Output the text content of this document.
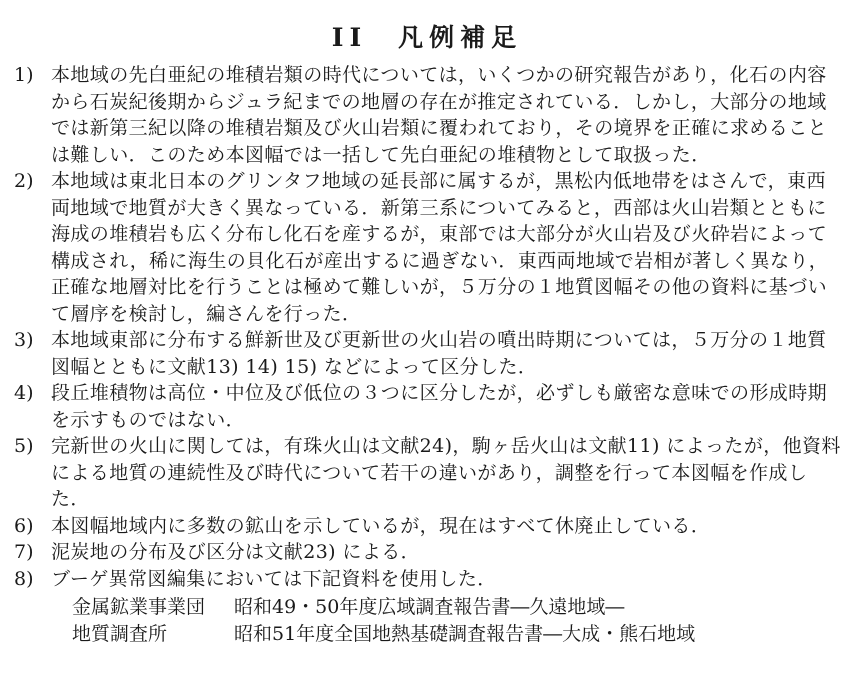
II　凡例補足
1) 本地域の先白亜紀の堆積岩類の時代については，いくつかの研究報告があり，化石の内容から石炭紀後期からジュラ紀までの地層の存在が推定されている．しかし，大部分の地域では新第三紀以降の堆積岩類及び火山岩類に覆われており，その境界を正確に求めることは難しい．このため本図幅では一括して先白亜紀の堆積物として取扱った．
2) 本地域は東北日本のグリンタフ地域の延長部に属するが，黒松内低地帯をはさんで，東西両地域で地質が大きく異なっている．新第三系についてみると，西部は火山岩類とともに海成の堆積岩も広く分布し化石を産するが，東部では大部分が火山岩及び火砕岩によって構成され，稀に海生の貝化石が産出するに過ぎない．東西両地域で岩相が著しく異なり，正確な地層対比を行うことは極めて難しいが，５万分の１地質図幅その他の資料に基づいて層序を検討し，編さんを行った．
3) 本地域東部に分布する鮮新世及び更新世の火山岩の噴出時期については，５万分の１地質図幅とともに文献13) 14) 15) などによって区分した．
4) 段丘堆積物は高位・中位及び低位の３つに区分したが，必ずしも厳密な意味での形成時期を示すものではない．
5) 完新世の火山に関しては，有珠火山は文献24)，駒ヶ岳火山は文献11) によったが，他資料による地質の連続性及び時代について若干の違いがあり，調整を行って本図幅を作成した．
6) 本図幅地域内に多数の鉱山を示しているが，現在はすべて休廃止している．
7) 泥炭地の分布及び区分は文献23) による．
8) ブーゲ異常図編集においては下記資料を使用した．
金属鉱業事業団	昭和49・50年度広域調査報告書―久遠地域―
地質調査所	昭和51年度全国地熱基礎調査報告書―大成・熊石地域
